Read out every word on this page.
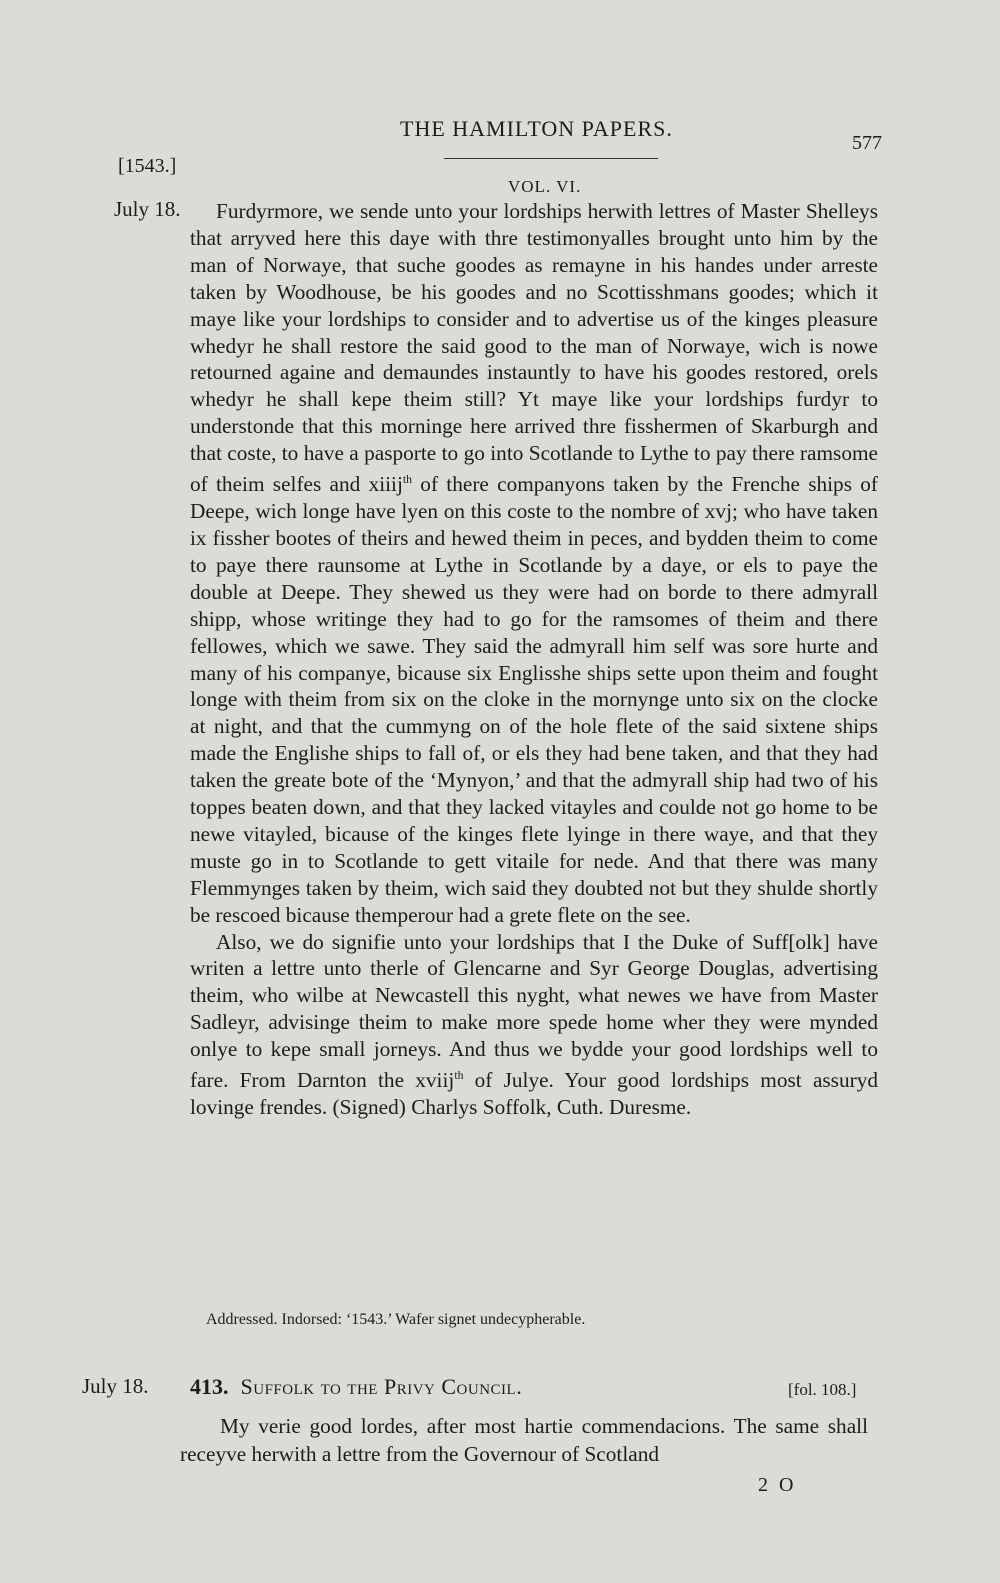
THE HAMILTON PAPERS.
577
[1543.]
VOL. VI.
July 18.	Furdyrmore, we sende unto your lordships herwith lettres of Master Shelleys that arryved here this daye with thre testimonyalles brought unto him by the man of Norwaye, that suche goodes as remayne in his handes under arreste taken by Woodhouse, be his goodes and no Scottisshmans goodes; which it maye like your lordships to consider and to advertise us of the kinges pleasure whedyr he shall restore the said good to the man of Norwaye, wich is nowe retourned againe and demaundes instauntly to have his goodes restored, orels whedyr he shall kepe theim still? Yt maye like your lordships furdyr to understonde that this morninge here arrived thre fisshermen of Skarburgh and that coste, to have a pasporte to go into Scotlande to Lythe to pay there ramsome of theim selfes and xiiij$^{th}$ of there companyons taken by the Frenche ships of Deepe, wich longe have lyen on this coste to the nombre of xvj; who have taken ix fissher bootes of theirs and hewed theim in peces, and bydden theim to come to paye there raunsome at Lythe in Scotlande by a daye, or els to paye the double at Deepe. They shewed us they were had on borde to there admyrall shipp, whose writinge they had to go for the ramsomes of theim and there fellowes, which we sawe. They said the admyrall him self was sore hurte and many of his companye, bicause six Englisshe ships sette upon theim and fought longe with theim from six on the cloke in the mornynge unto six on the clocke at night, and that the cummyng on of the hole flete of the said sixtene ships made the Englishe ships to fall of, or els they had bene taken, and that they had taken the greate bote of the ‘Mynyon,’ and that the admyrall ship had two of his toppes beaten down, and that they lacked vitayles and coulde not go home to be newe vitayled, bicause of the kinges flete lyinge in there waye, and that they muste go in to Scotlande to gett vitaile for nede. And that there was many Flemmynges taken by theim, wich said they doubted not but they shulde shortly be rescoed bicause themperour had a grete flete on the see.

Also, we do signifie unto your lordships that I the Duke of Suff[olk] have writen a lettre unto therle of Glencarne and Syr George Douglas, advertising theim, who wilbe at Newcastell this nyght, what newes we have from Master Sadleyr, advisinge theim to make more spede home wher they were mynded onlye to kepe small jorneys. And thus we bydde your good lordships well to fare. From Darnton the xviij$^{th}$ of Julye. Your good lordships most assuryd lovinge frendes. (Signed) Charlys Soffolk, Cuth. Duresme.

Addressed. Indorsed: ‘1543.’ Wafer signet undecypherable.
July 18. 413. Suffolk to the Privy Council.	[fol. 108.]

My verie good lordes, after most hartie commendacions. The same shall receyve herwith a lettre from the Governour of Scotland

2 O
